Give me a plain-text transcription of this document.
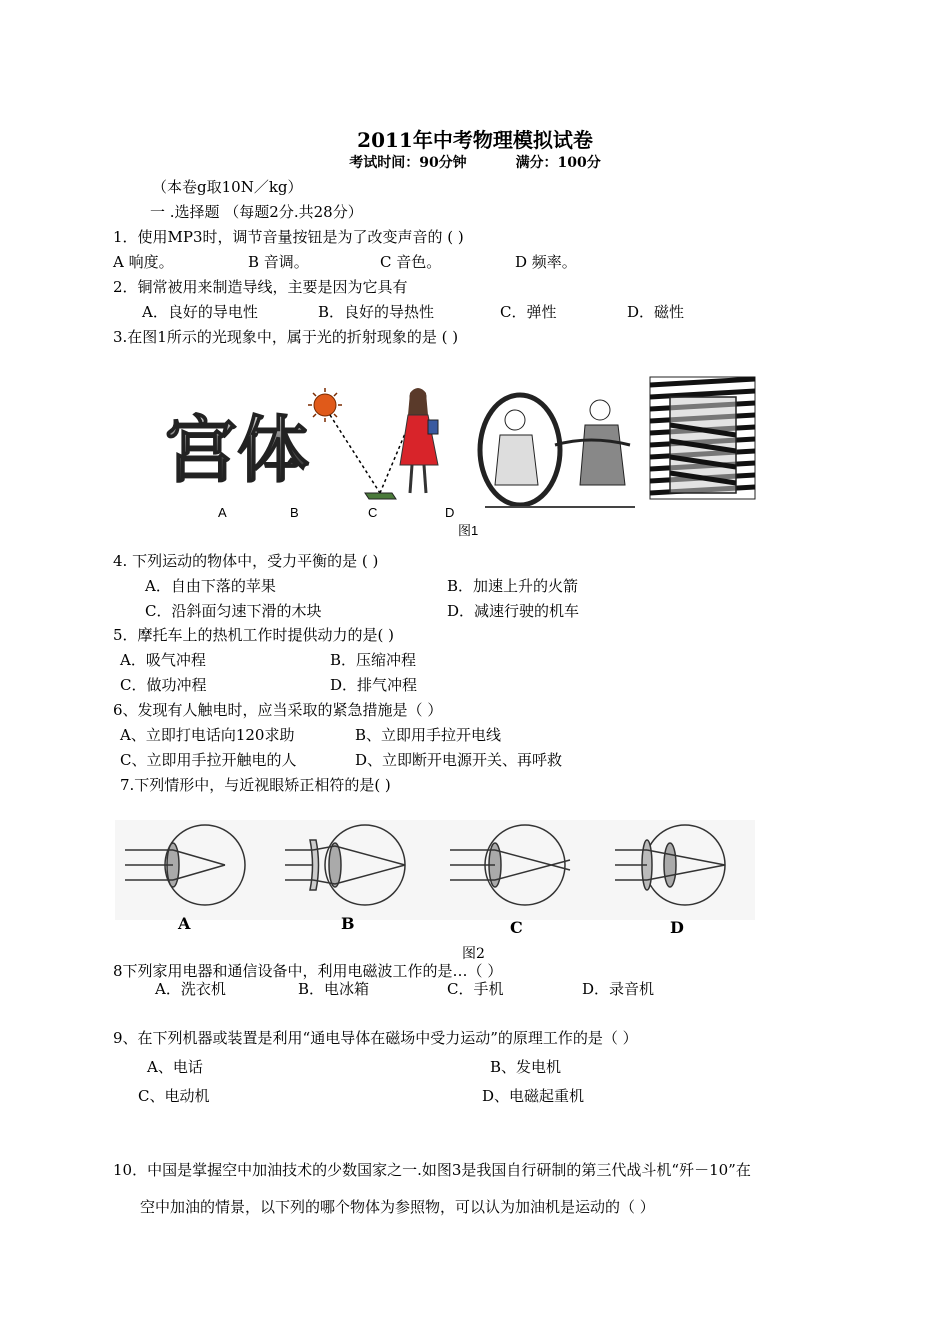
2011年中考物理模拟试卷
考试时间：90分钟	满分：100分
（本卷g取10N／kg）
一 .选择题 （每题2分.共28分）
1．使用MP3时，调节音量按钮是为了改变声音的 ( )
A 响度。	B 音调。	C 音色。	D 频率。
2．铜常被用来制造导线，主要是因为它具有
A．良好的导电性	B．良好的导热性	C．弹性	D．磁性
3.在图1所示的光现象中，属于光的折射现象的是 ( )
宫体
A	B	C	D
图1
4. 下列运动的物体中，受力平衡的是 ( )
A．自由下落的苹果	B．加速上升的火箭
C．沿斜面匀速下滑的木块	D．减速行驶的机车
5．摩托车上的热机工作时提供动力的是( )
A．吸气冲程	B．压缩冲程
C．做功冲程	D．排气冲程
6、发现有人触电时，应当采取的紧急措施是（ ）
A、立即打电话向120求助	B、立即用手拉开电线
C、立即用手拉开触电的人	D、立即断开电源开关、再呼救
7.下列情形中，与近视眼矫正相符的是( )
A	B	C	D
图2
8下列家用电器和通信设备中，利用电磁波工作的是…（ ）
A．洗衣机	B．电冰箱	C．手机	D．录音机
9、在下列机器或装置是利用“通电导体在磁场中受力运动”的原理工作的是（ ）
A、电话	B、发电机
C、电动机	D、电磁起重机
10．中国是掌握空中加油技术的少数国家之一.如图3是我国自行研制的第三代战斗机“歼－10”在
空中加油的情景，以下列的哪个物体为参照物，可以认为加油机是运动的（ ）
